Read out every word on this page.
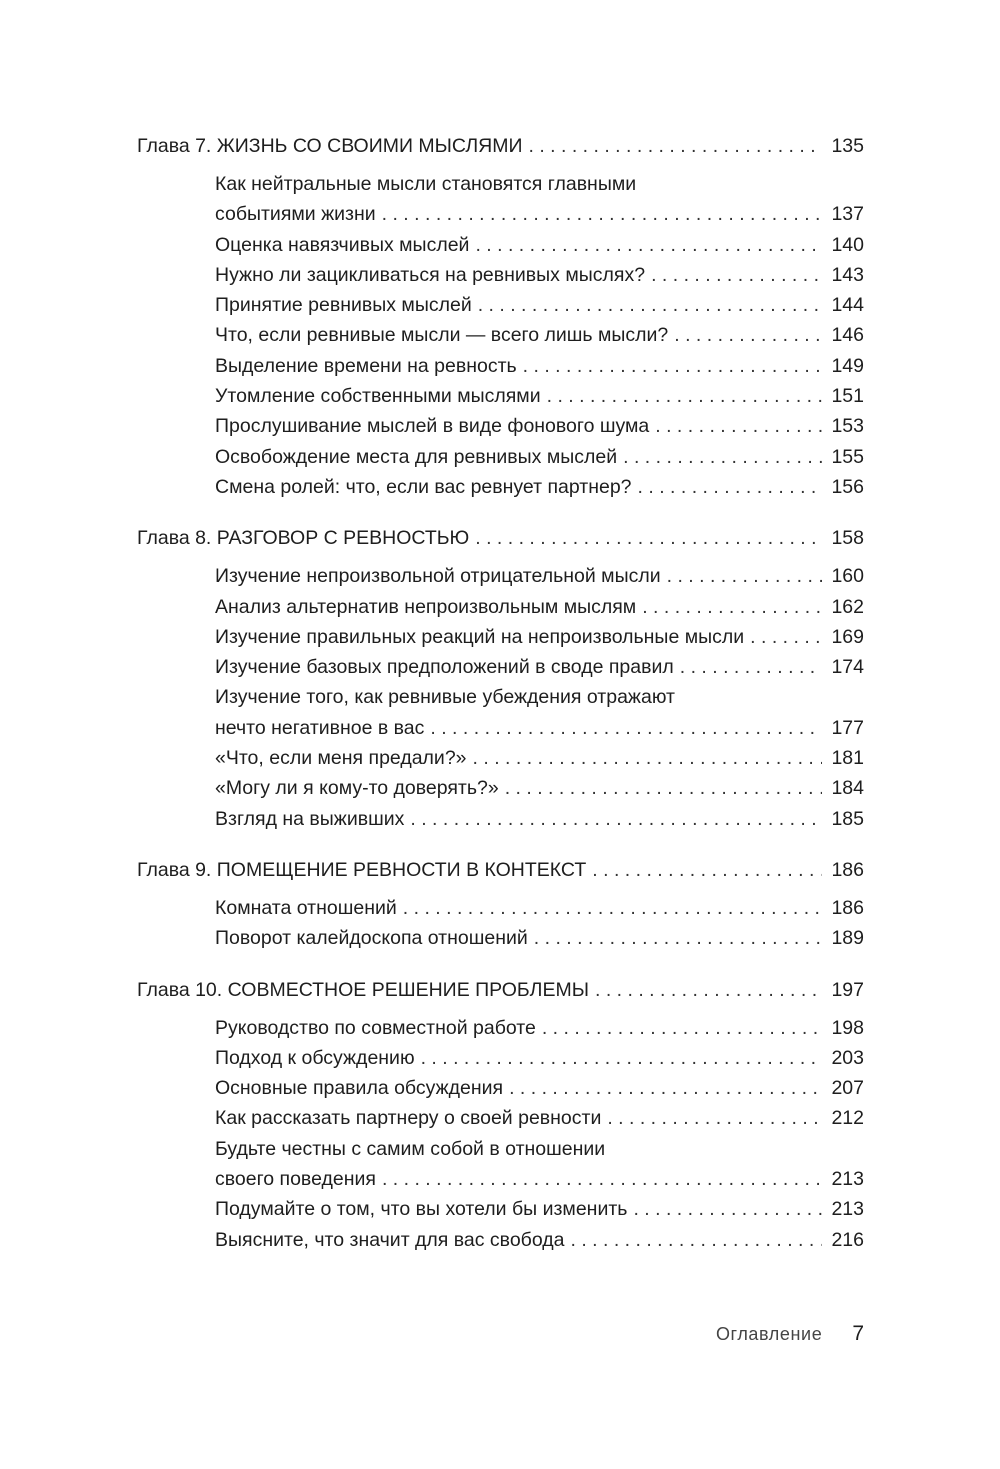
Глава 7. ЖИЗНЬ СО СВОИМИ МЫСЛЯМИ . . .	135
Как нейтральные мысли становятся главными
событиями жизни . . .	137
Оценка навязчивых мыслей . . .	140
Нужно ли зацикливаться на ревнивых мыслях? . . .	143
Принятие ревнивых мыслей . . .	144
Что, если ревнивые мысли — всего лишь мысли? . . .	146
Выделение времени на ревность . . .	149
Утомление собственными мыслями . . .	151
Прослушивание мыслей в виде фонового шума . . .	153
Освобождение места для ревнивых мыслей . . .	155
Смена ролей: что, если вас ревнует партнер? . . .	156
Глава 8. РАЗГОВОР С РЕВНОСТЬЮ . . .	158
Изучение непроизвольной отрицательной мысли . . .	160
Анализ альтернатив непроизвольным мыслям . . .	162
Изучение правильных реакций на непроизвольные мысли . . .	169
Изучение базовых предположений в своде правил . . .	174
Изучение того, как ревнивые убеждения отражают
нечто негативное в вас . . .	177
«Что, если меня предали?» . . .	181
«Могу ли я кому-то доверять?» . . .	184
Взгляд на выживших . . .	185
Глава 9. ПОМЕЩЕНИЕ РЕВНОСТИ В КОНТЕКСТ . . .	186
Комната отношений . . .	186
Поворот калейдоскопа отношений . . .	189
Глава 10. СОВМЕСТНОЕ РЕШЕНИЕ ПРОБЛЕМЫ . . .	197
Руководство по совместной работе . . .	198
Подход к обсуждению . . .	203
Основные правила обсуждения . . .	207
Как рассказать партнеру о своей ревности . . .	212
Будьте честны с самим собой в отношении
своего поведения . . .	213
Подумайте о том, что вы хотели бы изменить . . .	213
Выясните, что значит для вас свобода . . .	216
Оглавление 7
